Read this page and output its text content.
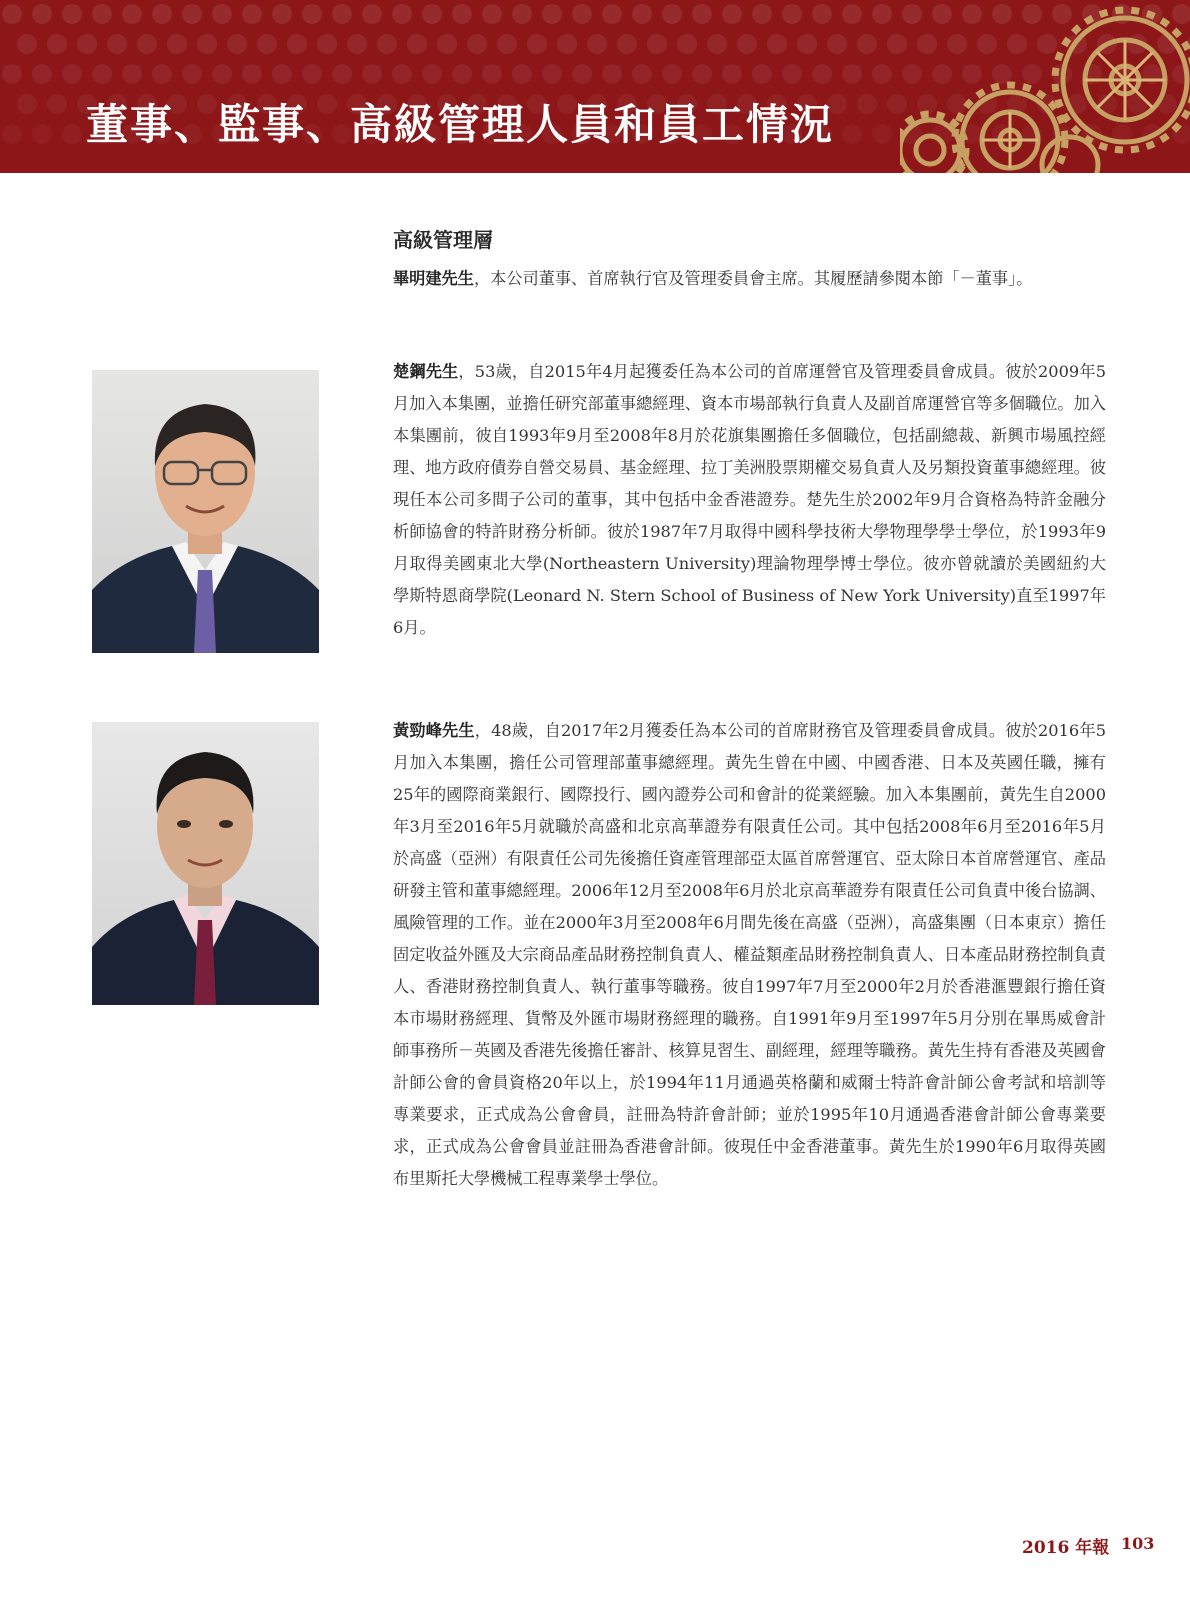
董事、監事、高級管理人員和員工情況
高級管理層

畢明建先生，本公司董事、首席執行官及管理委員會主席。其履歷請參閱本節「－董事」。

楚鋼先生，53歲，自2015年4月起獲委任為本公司的首席運營官及管理委員會成員。彼於2009年5月加入本集團，並擔任研究部董事總經理、資本市場部執行負責人及副首席運營官等多個職位。加入本集團前，彼自1993年9月至2008年8月於花旗集團擔任多個職位，包括副總裁、新興市場風控經理、地方政府債券自營交易員、基金經理、拉丁美洲股票期權交易負責人及另類投資董事總經理。彼現任本公司多間子公司的董事，其中包括中金香港證券。楚先生於2002年9月合資格為特許金融分析師協會的特許財務分析師。彼於1987年7月取得中國科學技術大學物理學學士學位，於1993年9月取得美國東北大學(Northeastern University)理論物理學博士學位。彼亦曾就讀於美國紐約大學斯特恩商學院(Leonard N. Stern School of Business of New York University)直至1997年6月。

黃勁峰先生，48歲，自2017年2月獲委任為本公司的首席財務官及管理委員會成員。彼於2016年5月加入本集團，擔任公司管理部董事總經理。黃先生曾在中國、中國香港、日本及英國任職，擁有25年的國際商業銀行、國際投行、國內證券公司和會計的從業經驗。加入本集團前，黃先生自2000年3月至2016年5月就職於高盛和北京高華證券有限責任公司。其中包括2008年6月至2016年5月於高盛（亞洲）有限責任公司先後擔任資產管理部亞太區首席營運官、亞太除日本首席營運官、產品研發主管和董事總經理。2006年12月至2008年6月於北京高華證券有限責任公司負責中後台協調、風險管理的工作。並在2000年3月至2008年6月間先後在高盛（亞洲），高盛集團（日本東京）擔任固定收益外匯及大宗商品產品財務控制負責人、權益類產品財務控制負責人、日本產品財務控制負責人、香港財務控制負責人、執行董事等職務。彼自1997年7月至2000年2月於香港滙豐銀行擔任資本市場財務經理、貨幣及外匯市場財務經理的職務。自1991年9月至1997年5月分別在畢馬威會計師事務所－英國及香港先後擔任審計、核算見習生、副經理，經理等職務。黃先生持有香港及英國會計師公會的會員資格20年以上，於1994年11月通過英格蘭和威爾士特許會計師公會考試和培訓等專業要求，正式成為公會會員，註冊為特許會計師；並於1995年10月通過香港會計師公會專業要求，正式成為公會會員並註冊為香港會計師。彼現任中金香港董事。黃先生於1990年6月取得英國布里斯托大學機械工程專業學士學位。

2016 年報 103
